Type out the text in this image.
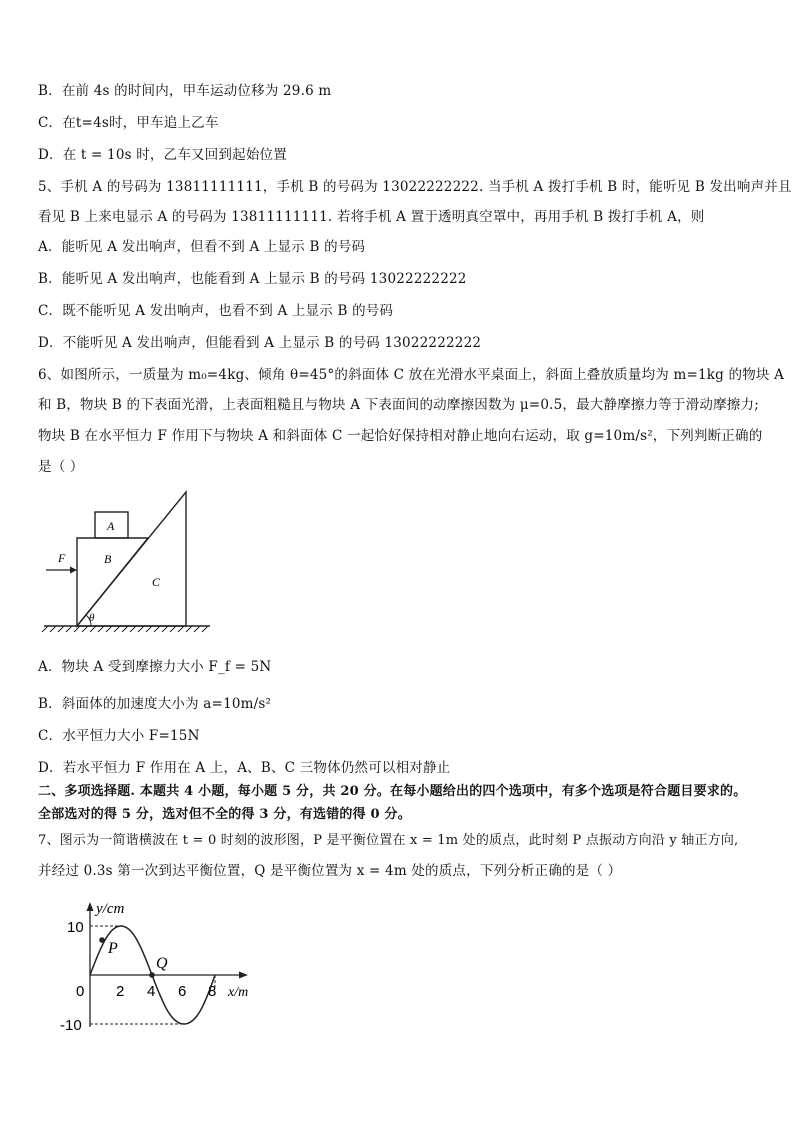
B．在前 4s 的时间内，甲车运动位移为 29.6 m
C．在t=4s时，甲车追上乙车
D．在 t = 10s 时，乙车又回到起始位置
5、手机 A 的号码为 13811111111，手机 B 的号码为 13022222222. 当手机 A 拨打手机 B 时，能听见 B 发出响声并且
看见 B 上来电显示 A 的号码为 13811111111. 若将手机 A 置于透明真空罩中，再用手机 B 拨打手机 A，则
A．能听见 A 发出响声，但看不到 A 上显示 B 的号码
B．能听见 A 发出响声，也能看到 A 上显示 B 的号码 13022222222
C．既不能听见 A 发出响声，也看不到 A 上显示 B 的号码
D．不能听见 A 发出响声，但能看到 A 上显示 B 的号码 13022222222
6、如图所示，一质量为 m₀=4kg、倾角 θ=45°的斜面体 C 放在光滑水平桌面上，斜面上叠放质量均为 m=1kg 的物块 A
和 B，物块 B 的下表面光滑，上表面粗糙且与物块 A 下表面间的动摩擦因数为 μ=0.5，最大静摩擦力等于滑动摩擦力;
物块 B 在水平恒力 F 作用下与物块 A 和斜面体 C 一起恰好保持相对静止地向右运动，取 g=10m/s²，下列判断正确的
是（ ）
A
B
C
F
θ
A．物块 A 受到摩擦力大小 F_f = 5N
B．斜面体的加速度大小为 a=10m/s²
C．水平恒力大小 F=15N
D．若水平恒力 F 作用在 A 上，A、B、C 三物体仍然可以相对静止
二、多项选择题. 本题共 4 小题，每小题 5 分，共 20 分。在每小题给出的四个选项中，有多个选项是符合题目要求的。
全部选对的得 5 分，选对但不全的得 3 分，有选错的得 0 分。
7、图示为一简谐横波在 t = 0 时刻的波形图，P 是平衡位置在 x = 1m 处的质点，此时刻 P 点振动方向沿 y 轴正方向,
并经过 0.3s 第一次到达平衡位置，Q 是平衡位置为 x = 4m 处的质点，下列分析正确的是（ ）
y/cm
x/m
10
-10
0 2 4 6 8
P
Q
